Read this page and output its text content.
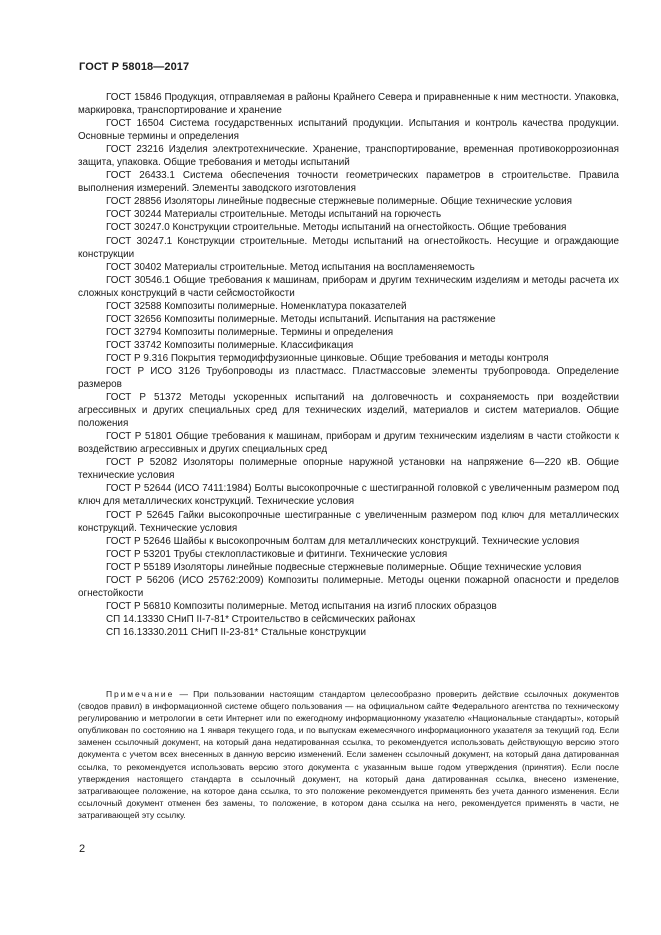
ГОСТ Р 58018—2017

ГОСТ 15846 Продукция, отправляемая в районы Крайнего Севера и приравненные к ним местности. Упаковка, маркировка, транспортирование и хранение

ГОСТ 16504 Система государственных испытаний продукции. Испытания и контроль качества продукции. Основные термины и определения

ГОСТ 23216 Изделия электротехнические. Хранение, транспортирование, временная противокоррозионная защита, упаковка. Общие требования и методы испытаний

ГОСТ 26433.1 Система обеспечения точности геометрических параметров в строительстве. Правила выполнения измерений. Элементы заводского изготовления

ГОСТ 28856 Изоляторы линейные подвесные стержневые полимерные. Общие технические условия

ГОСТ 30244 Материалы строительные. Методы испытаний на горючесть

ГОСТ 30247.0 Конструкции строительные. Методы испытаний на огнестойкость. Общие требования

ГОСТ 30247.1 Конструкции строительные. Методы испытаний на огнестойкость. Несущие и ограждающие конструкции

ГОСТ 30402 Материалы строительные. Метод испытания на воспламеняемость

ГОСТ 30546.1 Общие требования к машинам, приборам и другим техническим изделиям и методы расчета их сложных конструкций в части сейсмостойкости

ГОСТ 32588 Композиты полимерные. Номенклатура показателей

ГОСТ 32656 Композиты полимерные. Методы испытаний. Испытания на растяжение

ГОСТ 32794 Композиты полимерные. Термины и определения

ГОСТ 33742 Композиты полимерные. Классификация

ГОСТ Р 9.316 Покрытия термодиффузионные цинковые. Общие требования и методы контроля

ГОСТ Р ИСО 3126 Трубопроводы из пластмасс. Пластмассовые элементы трубопровода. Определение размеров

ГОСТ Р 51372 Методы ускоренных испытаний на долговечность и сохраняемость при воздействии агрессивных и других специальных сред для технических изделий, материалов и систем материалов. Общие положения

ГОСТ Р 51801 Общие требования к машинам, приборам и другим техническим изделиям в части стойкости к воздействию агрессивных и других специальных сред

ГОСТ Р 52082 Изоляторы полимерные опорные наружной установки на напряжение 6—220 кВ. Общие технические условия

ГОСТ Р 52644 (ИСО 7411:1984) Болты высокопрочные с шестигранной головкой с увеличенным размером под ключ для металлических конструкций. Технические условия

ГОСТ Р 52645 Гайки высокопрочные шестигранные с увеличенным размером под ключ для металлических конструкций. Технические условия

ГОСТ Р 52646 Шайбы к высокопрочным болтам для металлических конструкций. Технические условия

ГОСТ Р 53201 Трубы стеклопластиковые и фитинги. Технические условия

ГОСТ Р 55189 Изоляторы линейные подвесные стержневые полимерные. Общие технические условия

ГОСТ Р 56206 (ИСО 25762:2009) Композиты полимерные. Методы оценки пожарной опасности и пределов огнестойкости

ГОСТ Р 56810 Композиты полимерные. Метод испытания на изгиб плоских образцов

СП 14.13330 СНиП II-7-81* Строительство в сейсмических районах

СП 16.13330.2011 СНиП II-23-81* Стальные конструкции

Примечание — При пользовании настоящим стандартом целесообразно проверить действие ссылочных документов (сводов правил) в информационной системе общего пользования — на официальном сайте Федерального агентства по техническому регулированию и метрологии в сети Интернет или по ежегодному информационному указателю «Национальные стандарты», который опубликован по состоянию на 1 января текущего года, и по выпускам ежемесячного информационного указателя за текущий год. Если заменен ссылочный документ, на который дана недатированная ссылка, то рекомендуется использовать действующую версию этого документа с учетом всех внесенных в данную версию изменений. Если заменен ссылочный документ, на который дана датированная ссылка, то рекомендуется использовать версию этого документа с указанным выше годом утверждения (принятия). Если после утверждения настоящего стандарта в ссылочный документ, на который дана датированная ссылка, внесено изменение, затрагивающее положение, на которое дана ссылка, то это положение рекомендуется применять без учета данного изменения. Если ссылочный документ отменен без замены, то положение, в котором дана ссылка на него, рекомендуется применять в части, не затрагивающей эту ссылку.

2
